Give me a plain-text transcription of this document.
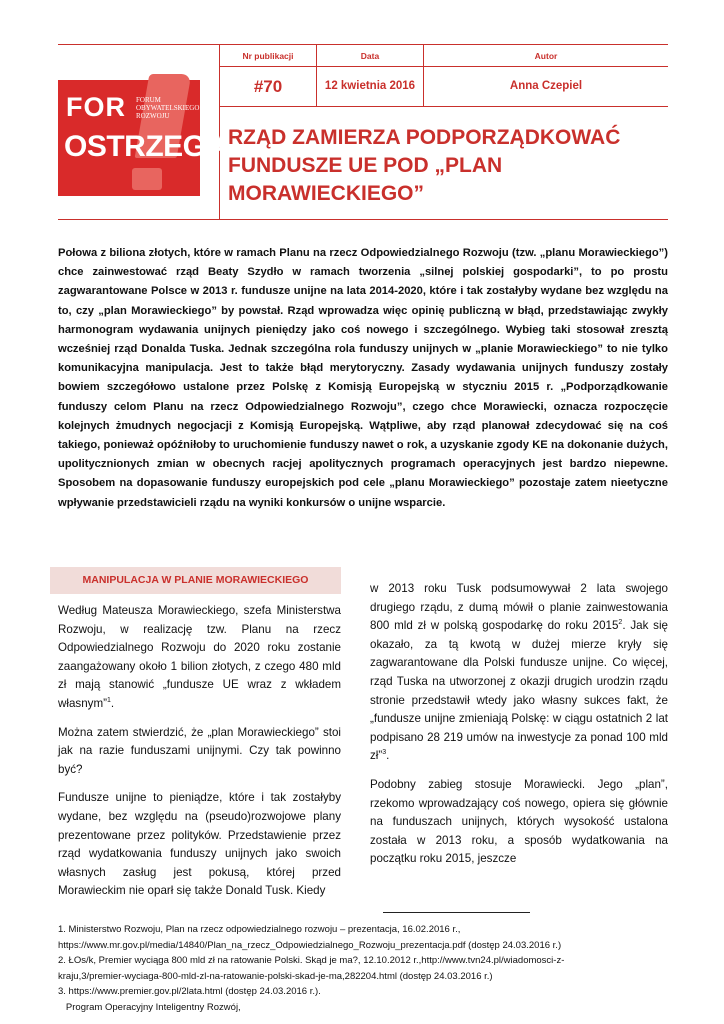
Nr publikacji	Data	Autor
#70	12 kwietnia 2016	Anna Czepiel
FOR FORUM
OBYWATELSKIEGO
ROZWOJU
OSTRZEGA RZĄD ZAMIERZA PODPORZĄDKOWAĆ FUNDUSZE UE POD „PLAN MORAWIECKIEGO”
Połowa z biliona złotych, które w ramach Planu na rzecz Odpowiedzialnego Rozwoju (tzw. „planu Morawieckiego”) chce zainwestować rząd Beaty Szydło w ramach tworzenia „silnej polskiej gospodarki”, to po prostu zagwarantowane Polsce w 2013 r. fundusze unijne na lata 2014-2020, które i tak zostałyby wydane bez względu na to, czy „plan Morawieckiego” by powstał. Rząd wprowadza więc opinię publiczną w błąd, przedstawiając zwykły harmonogram wydawania unijnych pieniędzy jako coś nowego i szczególnego. Wybieg taki stosował zresztą wcześniej rząd Donalda Tuska. Jednak szczególna rola funduszy unijnych w „planie Morawieckiego” to nie tylko komunikacyjna manipulacja. Jest to także błąd merytoryczny. Zasady wydawania unijnych funduszy zostały bowiem szczegółowo ustalone przez Polskę z Komisją Europejską w styczniu 2015 r. „Podporządkowanie funduszy celom Planu na rzecz Odpowiedzialnego Rozwoju”, czego chce Morawiecki, oznacza rozpoczęcie kolejnych żmudnych negocjacji z Komisją Europejską. Wątpliwe, aby rząd planował zdecydować się na coś takiego, ponieważ opóźniłoby to uruchomienie funduszy nawet o rok, a uzyskanie zgody KE na dokonanie dużych, upolitycznionych zmian w obecnych racjej apolitycznych programach operacyjnych jest bardzo niepewne. Sposobem na dopasowanie funduszy europejskich pod cele „planu Morawieckiego” pozostaje zatem nieetyczne wpływanie przedstawicieli rządu na wyniki konkursów o unijne wsparcie.
MANIPULACJA W PLANIE MORAWIECKIEGO

Według Mateusza Morawieckiego, szefa Ministerstwa Rozwoju, w realizację tzw. Planu na rzecz Odpowiedzialnego Rozwoju do 2020 roku zostanie zaangażowany około 1 bilion złotych, z czego 480 mld zł mają stanowić „fundusze UE wraz z wkładem własnym”$^1$.

Można zatem stwierdzić, że „plan Morawieckiego” stoi jak na razie funduszami unijnymi. Czy tak powinno być?

Fundusze unijne to pieniądze, które i tak zostałyby wydane, bez względu na (pseudo)rozwojowe plany prezentowane przez polityków. Przedstawienie przez rząd wydatkowania funduszy unijnych jako swoich własnych zasług jest pokusą, której przed Morawieckim nie oparł się także Donald Tusk. Kiedy

w 2013 roku Tusk podsumowywał 2 lata swojego drugiego rządu, z dumą mówił o planie zainwestowania 800 mld zł w polską gospodarkę do roku 2015$^2$. Jak się okazało, za tą kwotą w dużej mierze kryły się zagwarantowane dla Polski fundusze unijne. Co więcej, rząd Tuska na utworzonej z okazji drugich urodzin rządu stronie przedstawił wtedy jako własny sukces fakt, że „fundusze unijne zmieniają Polskę: w ciągu ostatnich 2 lat podpisano 28 219 umów na inwestycje za ponad 100 mld zł”$^3$.

Podobny zabieg stosuje Morawiecki. Jego „plan”, rzekomo wprowadzający coś nowego, opiera się głównie na funduszach unijnych, których wysokość ustalona została w 2013 roku, a sposób wydatkowania na początku roku 2015, jeszcze

1. Ministerstwo Rozwoju, Plan na rzecz odpowiedzialnego rozwoju – prezentacja, 16.02.2016 r.,
https://www.mr.gov.pl/media/14840/Plan_na_rzecz_Odpowiedzialnego_Rozwoju_prezentacja.pdf (dostęp 24.03.2016 r.)
2. ŁOs/k, Premier wyciąga 800 mld zł na ratowanie Polski. Skąd je ma?, 12.10.2012 r.,http://www.tvn24.pl/wiadomosci-z-
kraju,3/premier-wyciaga-800-mld-zl-na-ratowanie-polski-skad-je-ma,282204.html (dostęp 24.03.2016 r.)
3. https://www.premier.gov.pl/2lata.html (dostęp 24.03.2016 r.).
Program Operacyjny Inteligentny Rozwój,
